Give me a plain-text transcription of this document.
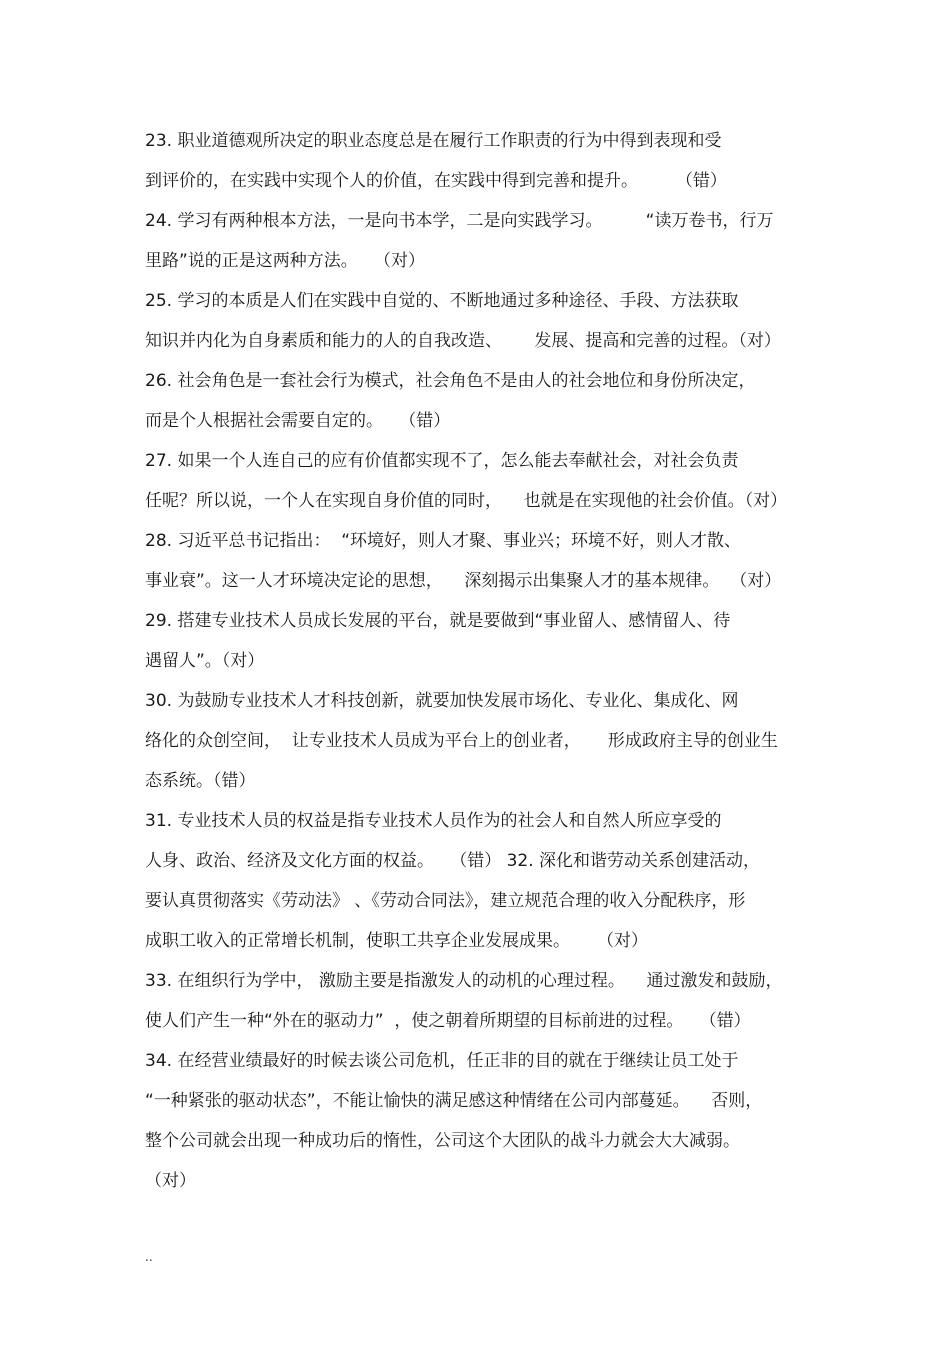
23. 职业道德观所决定的职业态度总是在履行工作职责的行为中得到表现和受
到评价的，在实践中实现个人的价值，在实践中得到完善和提升。       （错）
24. 学习有两种根本方法，一是向书本学，二是向实践学习。        “读万卷书，行万
里路”说的正是这两种方法。   （对）
25. 学习的本质是人们在实践中自觉的、不断地通过多种途径、手段、方法获取
知识并内化为自身素质和能力的人的自我改造、      发展、提高和完善的过程。（对）
26. 社会角色是一套社会行为模式，社会角色不是由人的社会地位和身份所决定，
而是个人根据社会需要自定的。   （错）
27. 如果一个人连自己的应有价值都实现不了，怎么能去奉献社会，对社会负责
任呢？所以说，一个人在实现自身价值的同时，    也就是在实现他的社会价值。（对）
28. 习近平总书记指出：  “环境好，则人才聚、事业兴；环境不好，则人才散、
事业衰”。这一人才环境决定论的思想，    深刻揭示出集聚人才的基本规律。  （对）
29. 搭建专业技术人员成长发展的平台，就是要做到“事业留人、感情留人、待
遇留人”。（对）
30. 为鼓励专业技术人才科技创新，就要加快发展市场化、专业化、集成化、网
络化的众创空间，  让专业技术人员成为平台上的创业者，     形成政府主导的创业生
态系统。（错）
31. 专业技术人员的权益是指专业技术人员作为的社会人和自然人所应享受的
人身、政治、经济及文化方面的权益。   （错） 32. 深化和谐劳动关系创建活动，
要认真贯彻落实《劳动法》 、《劳动合同法》，建立规范合理的收入分配秩序，形
成职工收入的正常增长机制，使职工共享企业发展成果。     （对）
33. 在组织行为学中， 激励主要是指激发人的动机的心理过程。    通过激发和鼓励，
使人们产生一种“外在的驱动力”  ，使之朝着所期望的目标前进的过程。   （错）
34. 在经营业绩最好的时候去谈公司危机，任正非的目的就在于继续让员工处于
“一种紧张的驱动状态”，不能让愉快的满足感这种情绪在公司内部蔓延。    否则，
整个公司就会出现一种成功后的惰性，公司这个大团队的战斗力就会大大减弱。
（对）
..
